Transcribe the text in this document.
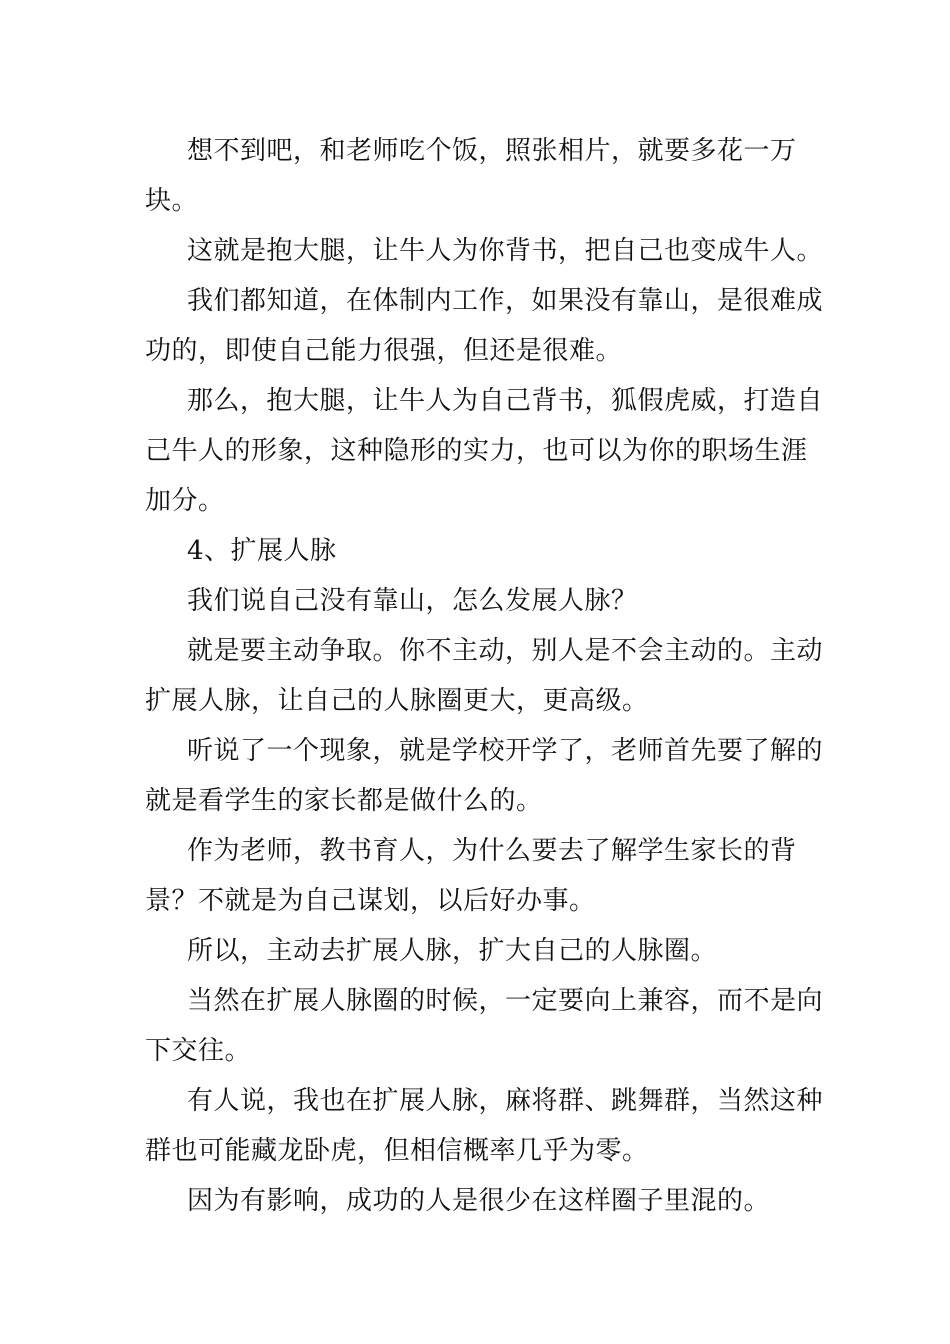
想不到吧，和老师吃个饭，照张相片，就要多花一万块。

这就是抱大腿，让牛人为你背书，把自己也变成牛人。

我们都知道，在体制内工作，如果没有靠山，是很难成功的，即使自己能力很强，但还是很难。

那么，抱大腿，让牛人为自己背书，狐假虎威，打造自己牛人的形象，这种隐形的实力，也可以为你的职场生涯加分。

4、扩展人脉

我们说自己没有靠山，怎么发展人脉？

就是要主动争取。你不主动，别人是不会主动的。主动扩展人脉，让自己的人脉圈更大，更高级。

听说了一个现象，就是学校开学了，老师首先要了解的就是看学生的家长都是做什么的。

作为老师，教书育人，为什么要去了解学生家长的背景？不就是为自己谋划，以后好办事。

所以，主动去扩展人脉，扩大自己的人脉圈。

当然在扩展人脉圈的时候，一定要向上兼容，而不是向下交往。

有人说，我也在扩展人脉，麻将群、跳舞群，当然这种群也可能藏龙卧虎，但相信概率几乎为零。

因为有影响，成功的人是很少在这样圈子里混的。
